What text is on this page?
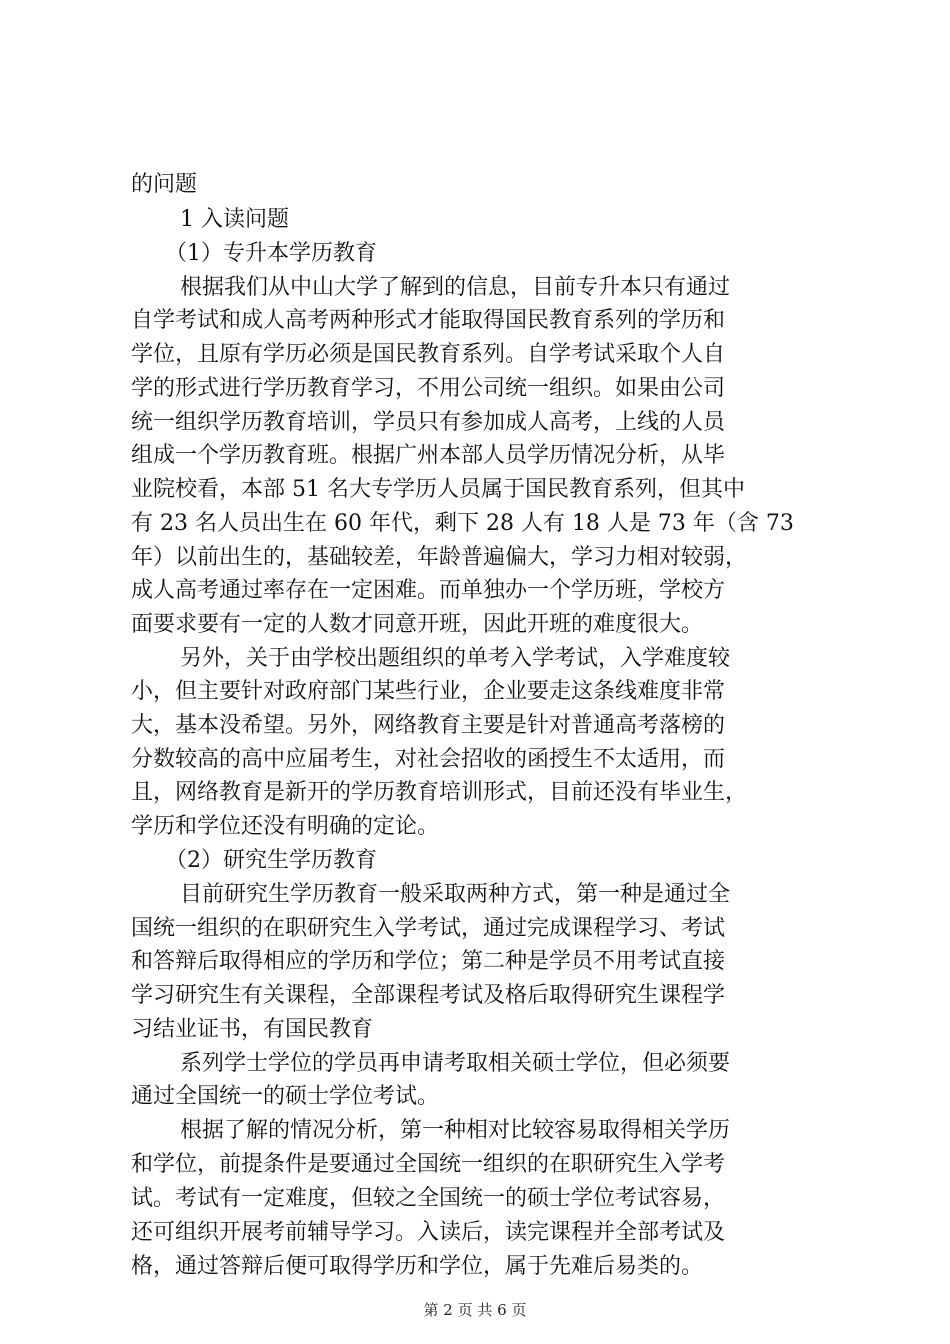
的问题
1 入读问题
（1）专升本学历教育
根据我们从中山大学了解到的信息，目前专升本只有通过
自学考试和成人高考两种形式才能取得国民教育系列的学历和
学位，且原有学历必须是国民教育系列。自学考试采取个人自
学的形式进行学历教育学习，不用公司统一组织。如果由公司
统一组织学历教育培训，学员只有参加成人高考，上线的人员
组成一个学历教育班。根据广州本部人员学历情况分析，从毕
业院校看，本部 51 名大专学历人员属于国民教育系列，但其中
有 23 名人员出生在 60 年代，剩下 28 人有 18 人是 73 年（含 73
年）以前出生的，基础较差，年龄普遍偏大，学习力相对较弱，
成人高考通过率存在一定困难。而单独办一个学历班，学校方
面要求要有一定的人数才同意开班，因此开班的难度很大。
另外，关于由学校出题组织的单考入学考试，入学难度较
小，但主要针对政府部门某些行业，企业要走这条线难度非常
大，基本没希望。另外，网络教育主要是针对普通高考落榜的
分数较高的高中应届考生，对社会招收的函授生不太适用，而
且，网络教育是新开的学历教育培训形式，目前还没有毕业生，
学历和学位还没有明确的定论。
（2）研究生学历教育
目前研究生学历教育一般采取两种方式，第一种是通过全
国统一组织的在职研究生入学考试，通过完成课程学习、考试
和答辩后取得相应的学历和学位；第二种是学员不用考试直接
学习研究生有关课程，全部课程考试及格后取得研究生课程学
习结业证书，有国民教育
系列学士学位的学员再申请考取相关硕士学位，但必须要
通过全国统一的硕士学位考试。
根据了解的情况分析，第一种相对比较容易取得相关学历
和学位，前提条件是要通过全国统一组织的在职研究生入学考
试。考试有一定难度，但较之全国统一的硕士学位考试容易，
还可组织开展考前辅导学习。入读后，读完课程并全部考试及
格，通过答辩后便可取得学历和学位，属于先难后易类的。
第 2 页 共 6 页
